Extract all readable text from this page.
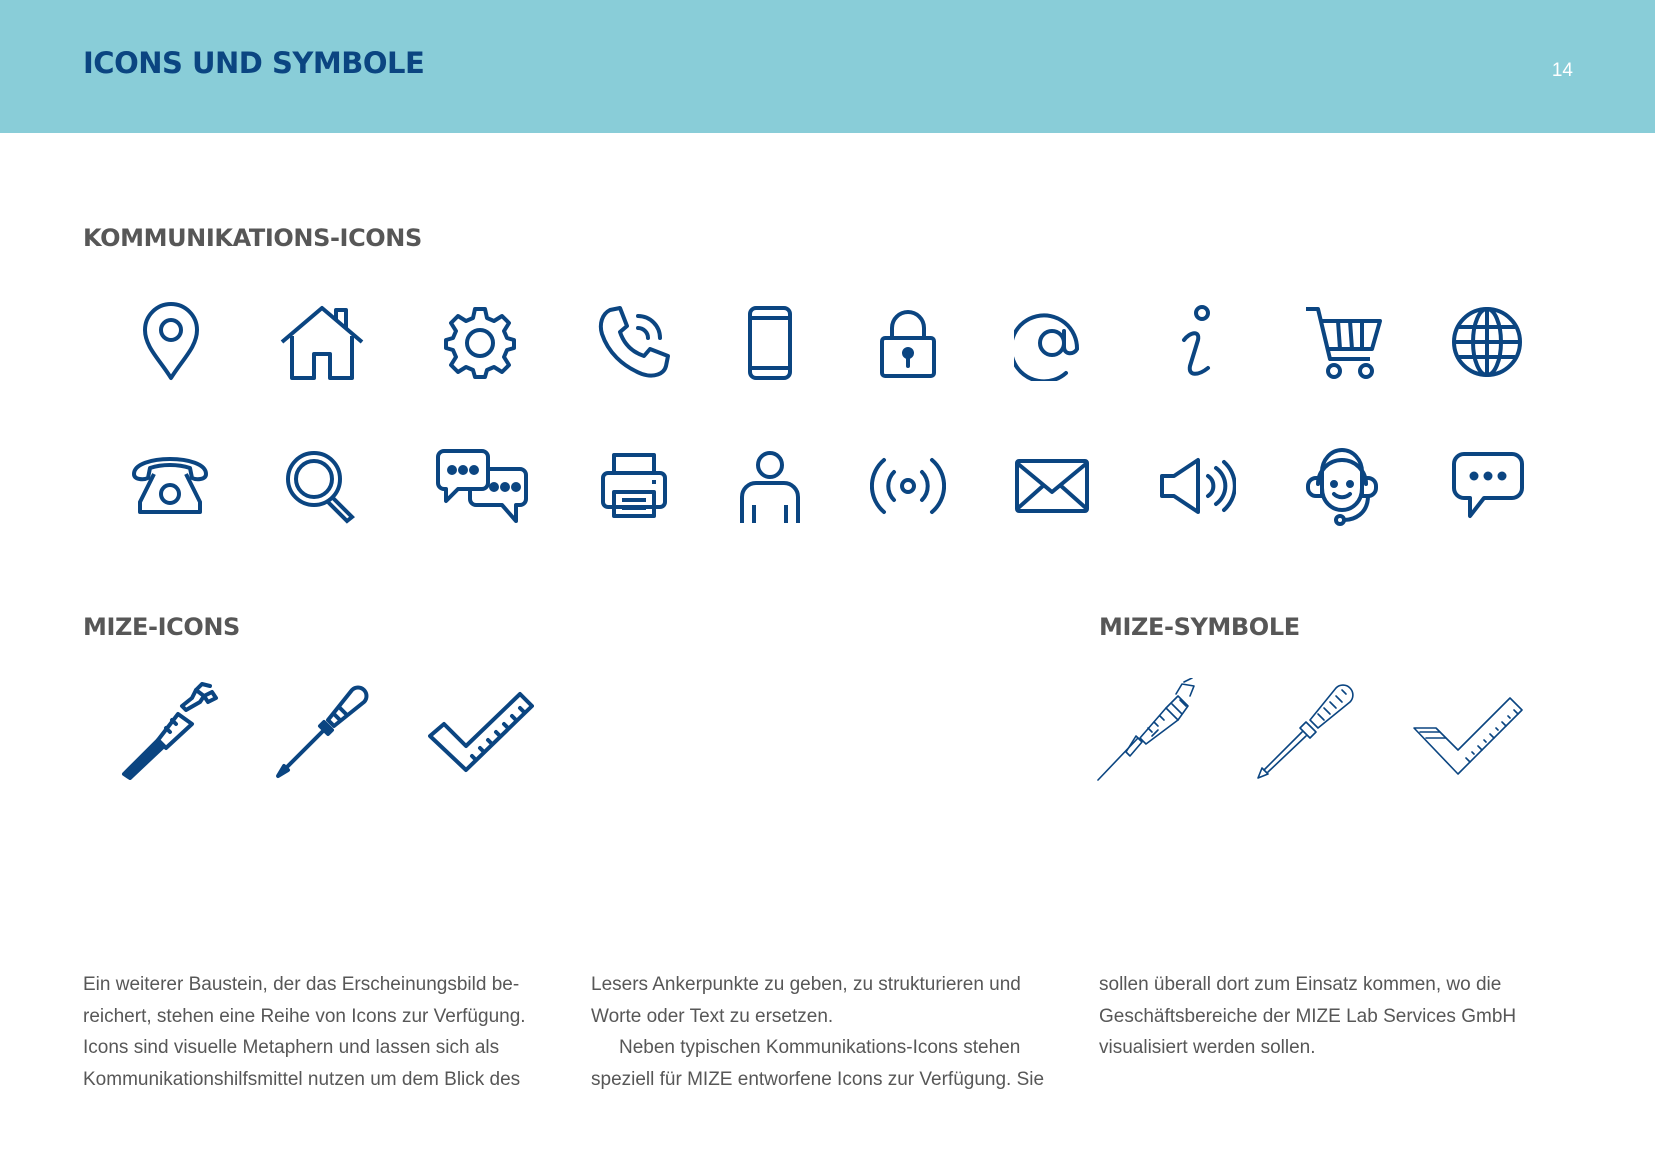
ICONS UND SYMBOLE	14
KOMMUNIKATIONS-ICONS
MIZE-ICONS	MIZE-SYMBOLE

Ein weiterer Baustein, der das Erscheinungsbild be-

reichert, stehen eine Reihe von Icons zur Verfügung.

Icons sind visuelle Metaphern und lassen sich als

Kommunikationshilfsmittel nutzen um dem Blick des

Lesers Ankerpunkte zu geben, zu strukturieren und

Worte oder Text zu ersetzen.

Neben typischen Kommunikations-Icons stehen

speziell für MIZE entworfene Icons zur Verfügung. Sie

sollen überall dort zum Einsatz kommen, wo die

Geschäftsbereiche der MIZE Lab Services GmbH

visualisiert werden sollen.
